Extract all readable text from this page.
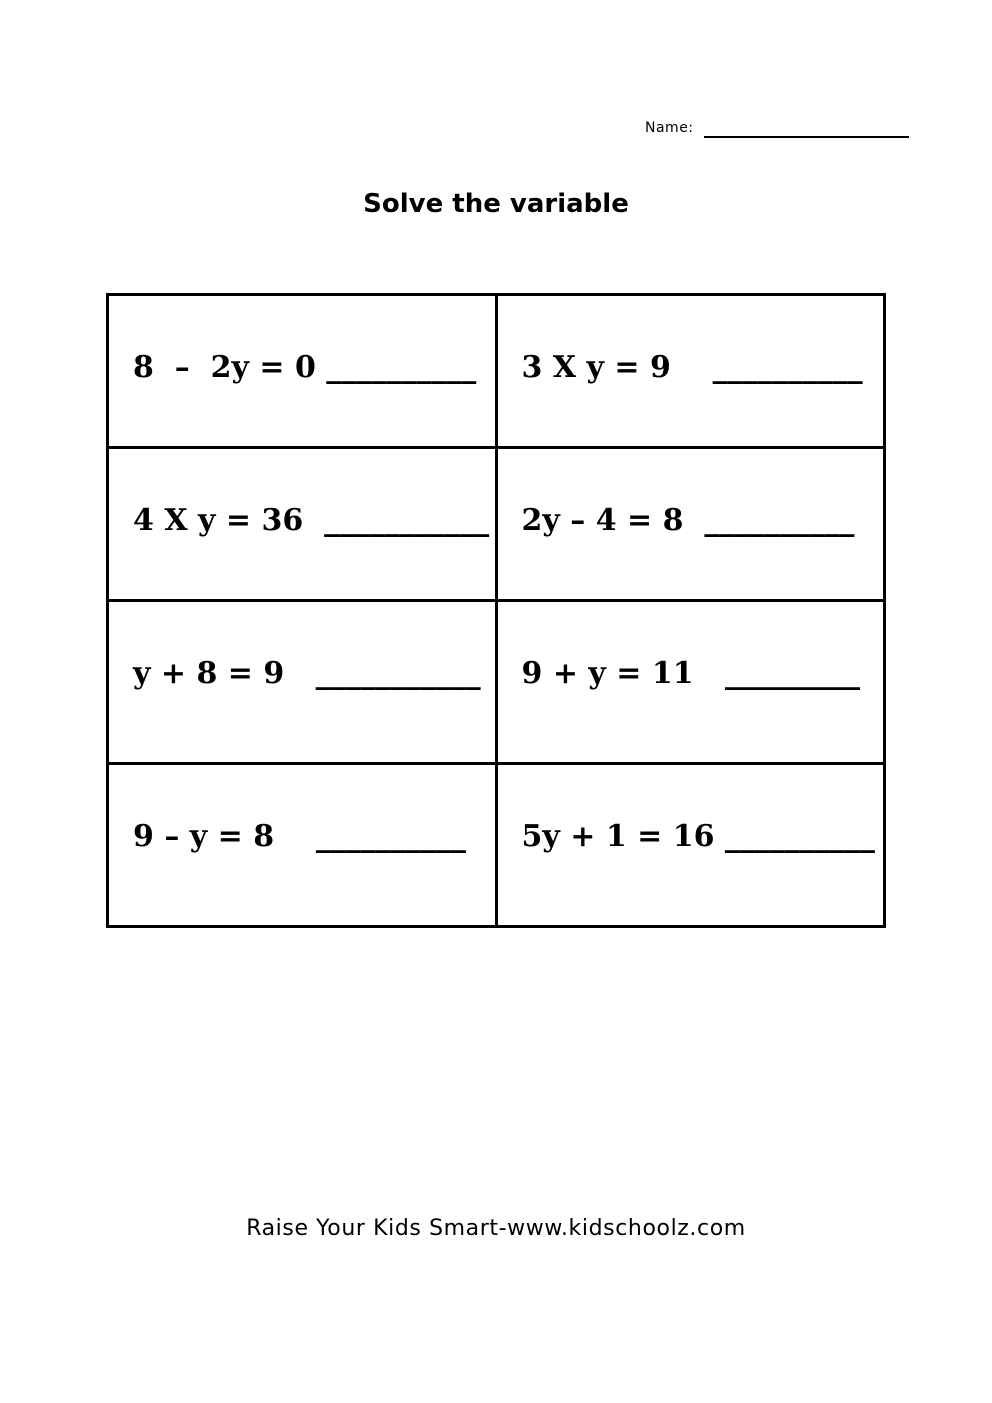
Name:
Solve the variable
8  –  2y = 0 __________	3 X y = 9    __________

4 X y = 36  ___________	2y – 4 = 8  __________

y + 8 = 9   ___________	9 + y = 11   _________

9 – y = 8    __________	5y + 1 = 16 __________
Raise Your Kids Smart-www.kidschoolz.com
